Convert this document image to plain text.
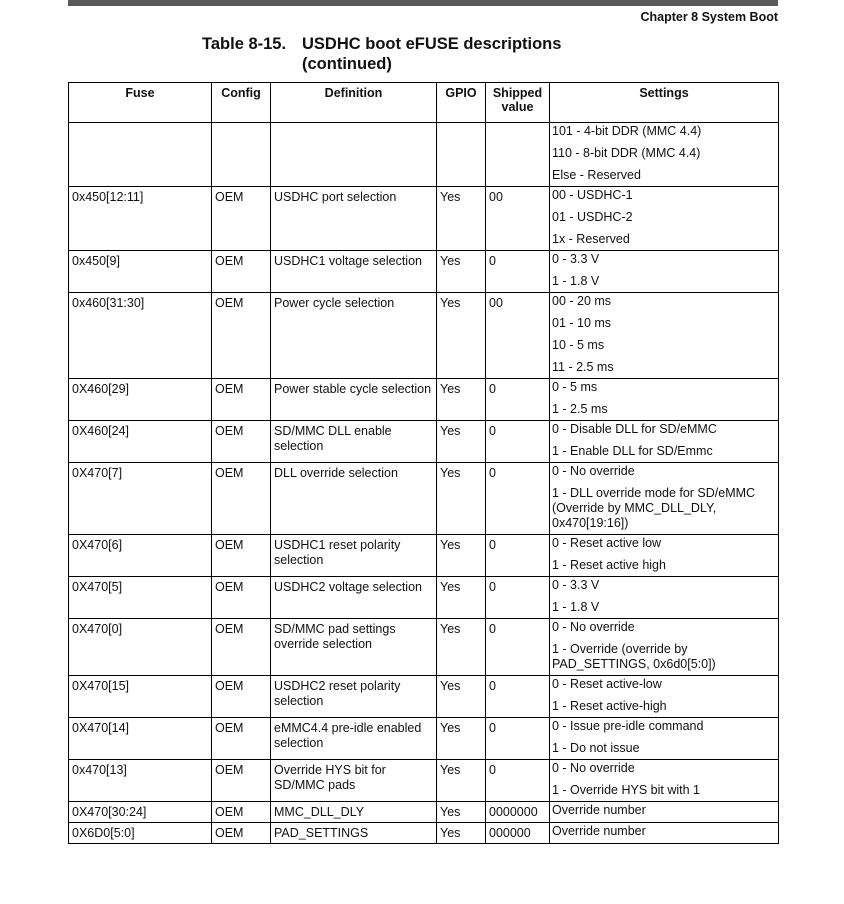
Chapter 8 System Boot
Table 8-15. USDHC boot eFUSE descriptions
(continued)
Fuse	Config	Definition	GPIO	Shipped value	Settings

					101 - 4-bit DDR (MMC 4.4)
110 - 8-bit DDR (MMC 4.4)
Else - Reserved

0x450[12:11]	OEM	USDHC port selection	Yes	00	00 - USDHC-1
01 - USDHC-2
1x - Reserved

0x450[9]	OEM	USDHC1 voltage selection	Yes	0	0 - 3.3 V
1 - 1.8 V

0x460[31:30]	OEM	Power cycle selection	Yes	00	00 - 20 ms
01 - 10 ms
10 - 5 ms
11 - 2.5 ms

0X460[29]	OEM	Power stable cycle selection	Yes	0	0 - 5 ms
1 - 2.5 ms

0X460[24]	OEM	SD/MMC DLL enable selection	Yes	0	0 - Disable DLL for SD/eMMC
1 - Enable DLL for SD/Emmc

0X470[7]	OEM	DLL override selection	Yes	0	0 - No override
1 - DLL override mode for SD/eMMC (Override by MMC_DLL_DLY, 0x470[19:16])

0X470[6]	OEM	USDHC1 reset polarity selection	Yes	0	0 - Reset active low
1 - Reset active high

0X470[5]	OEM	USDHC2 voltage selection	Yes	0	0 - 3.3 V
1 - 1.8 V

0X470[0]	OEM	SD/MMC pad settings override selection	Yes	0	0 - No override
1 - Override (override by PAD_SETTINGS, 0x6d0[5:0])

0X470[15]	OEM	USDHC2 reset polarity selection	Yes	0	0 - Reset active-low
1 - Reset active-high

0X470[14]	OEM	eMMC4.4 pre-idle enabled selection	Yes	0	0 - Issue pre-idle command
1 - Do not issue

0x470[13]	OEM	Override HYS bit for SD/MMC pads	Yes	0	0 - No override
1 - Override HYS bit with 1

0X470[30:24]	OEM	MMC_DLL_DLY	Yes	0000000	Override number

0X6D0[5:0]	OEM	PAD_SETTINGS	Yes	000000	Override number
